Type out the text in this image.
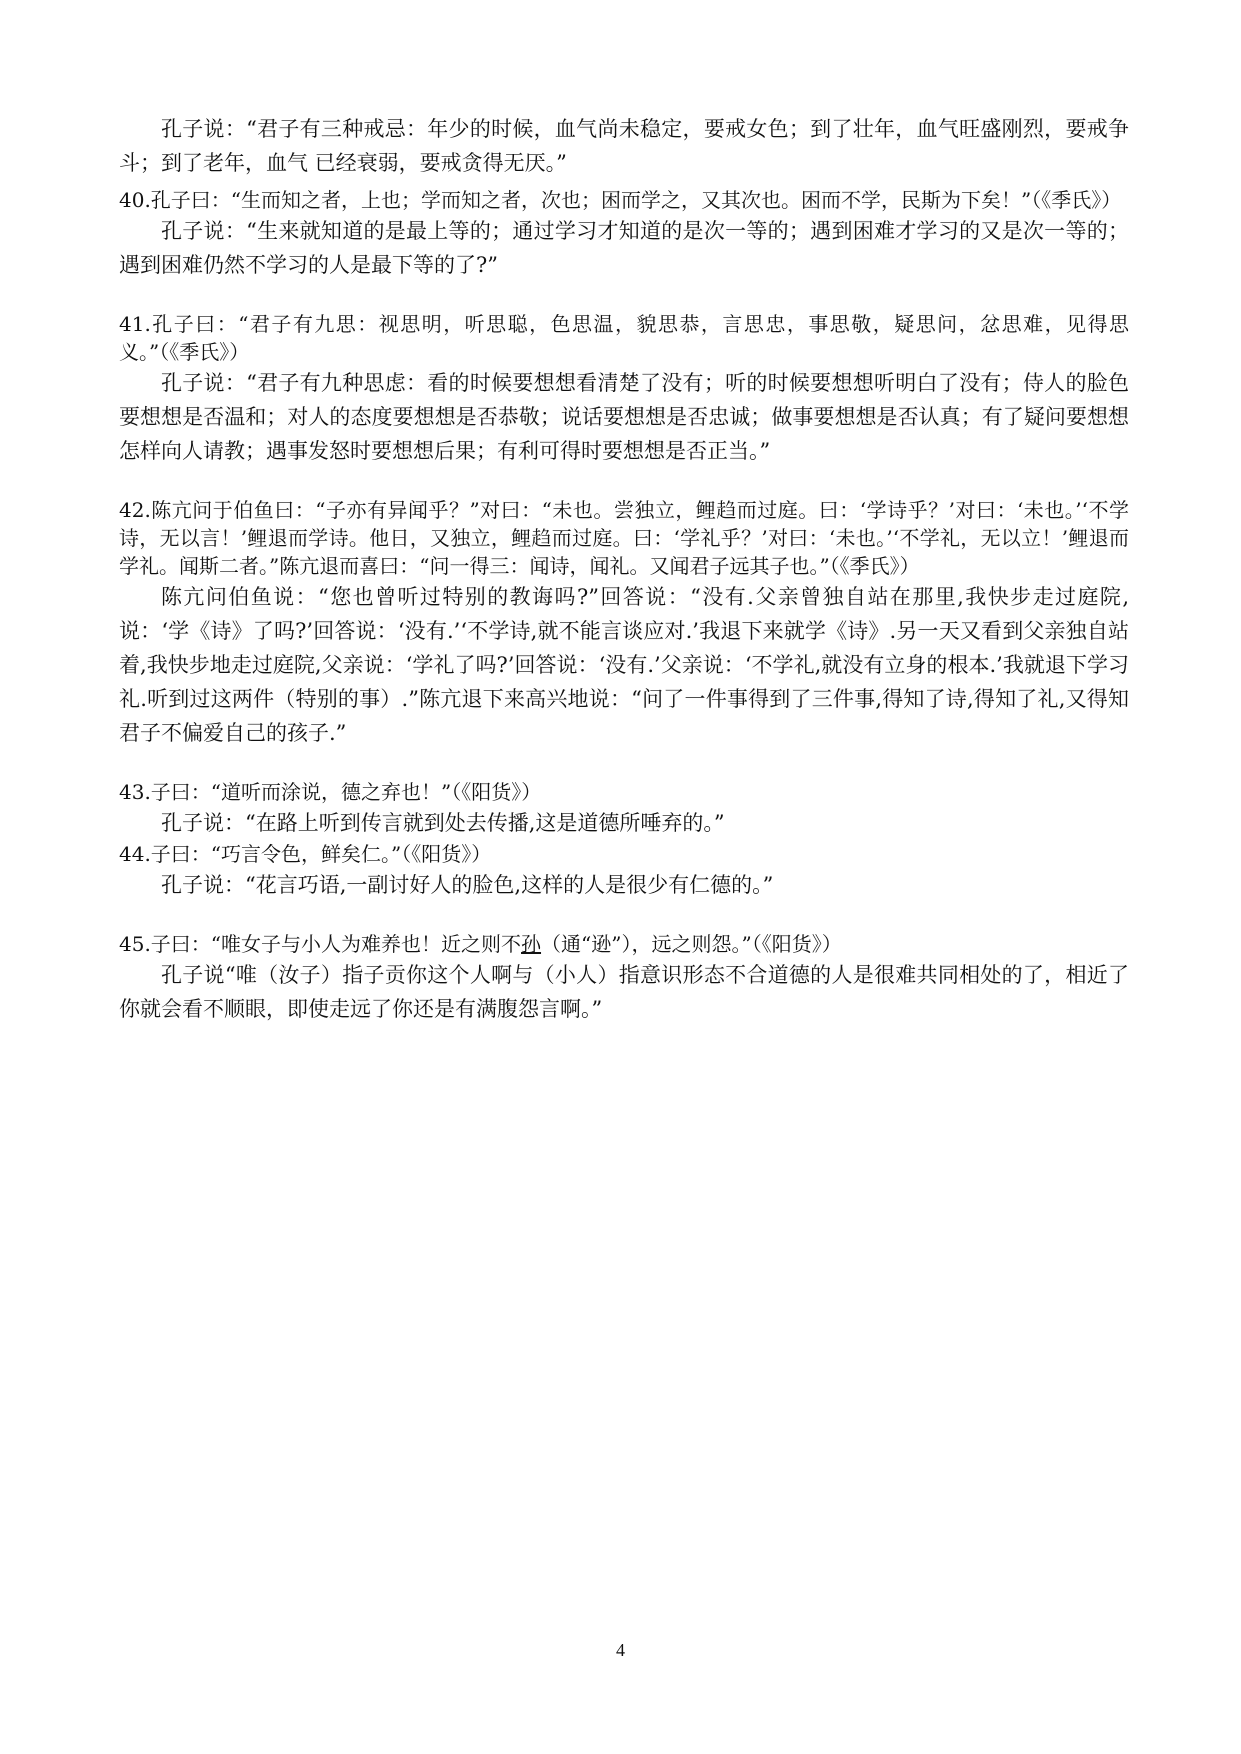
孔子说：“君子有三种戒忌：年少的时候，血气尚未稳定，要戒女色；到了壮年，血气旺盛刚烈，要戒争斗；到了老年，血气 已经衰弱，要戒贪得无厌。”

40.孔子曰：“生而知之者，上也；学而知之者，次也；困而学之，又其次也。困而不学，民斯为下矣！”（《季氏》）

孔子说：“生来就知道的是最上等的；通过学习才知道的是次一等的；遇到困难才学习的又是次一等的；遇到困难仍然不学习的人是最下等的了?”

41.孔子曰：“君子有九思：视思明，听思聪，色思温，貌思恭，言思忠，事思敬，疑思问，忿思难，见得思义。”（《季氏》）

孔子说：“君子有九种思虑：看的时候要想想看清楚了没有；听的时候要想想听明白了没有；侍人的脸色要想想是否温和；对人的态度要想想是否恭敬；说话要想想是否忠诚；做事要想想是否认真；有了疑问要想想怎样向人请教；遇事发怒时要想想后果；有利可得时要想想是否正当。”

42.陈亢问于伯鱼曰：“子亦有异闻乎？”对曰：“未也。尝独立，鲤趋而过庭。曰：‘学诗乎？’对曰：‘未也。’‘不学诗，无以言！’鲤退而学诗。他日，又独立，鲤趋而过庭。曰：‘学礼乎？’对曰：‘未也。’‘不学礼，无以立！’鲤退而学礼。闻斯二者。”陈亢退而喜曰：“问一得三：闻诗，闻礼。又闻君子远其子也。”（《季氏》）

陈亢问伯鱼说：“您也曾听过特别的教诲吗?”回答说：“没有.父亲曾独自站在那里,我快步走过庭院,说：‘学《诗》了吗?’回答说：‘没有.’‘不学诗,就不能言谈应对.’我退下来就学《诗》.另一天又看到父亲独自站着,我快步地走过庭院,父亲说：‘学礼了吗?’回答说：‘没有.’父亲说：‘不学礼,就没有立身的根本.’我就退下学习礼.听到过这两件（特别的事）.”陈亢退下来高兴地说：“问了一件事得到了三件事,得知了诗,得知了礼,又得知君子不偏爱自己的孩子.”

43.子曰：“道听而涂说，德之弃也！”（《阳货》）

孔子说：“在路上听到传言就到处去传播,这是道德所唾弃的。”

44.子曰：“巧言令色，鲜矣仁。”（《阳货》）

孔子说：“花言巧语,一副讨好人的脸色,这样的人是很少有仁德的。”

45.子曰：“唯女子与小人为难养也！近之则不孙（通“逊”），远之则怨。”（《阳货》）

孔子说“唯（汝子）指子贡你这个人啊与（小人）指意识形态不合道德的人是很难共同相处的了，相近了你就会看不顺眼，即使走远了你还是有满腹怨言啊。”

4
